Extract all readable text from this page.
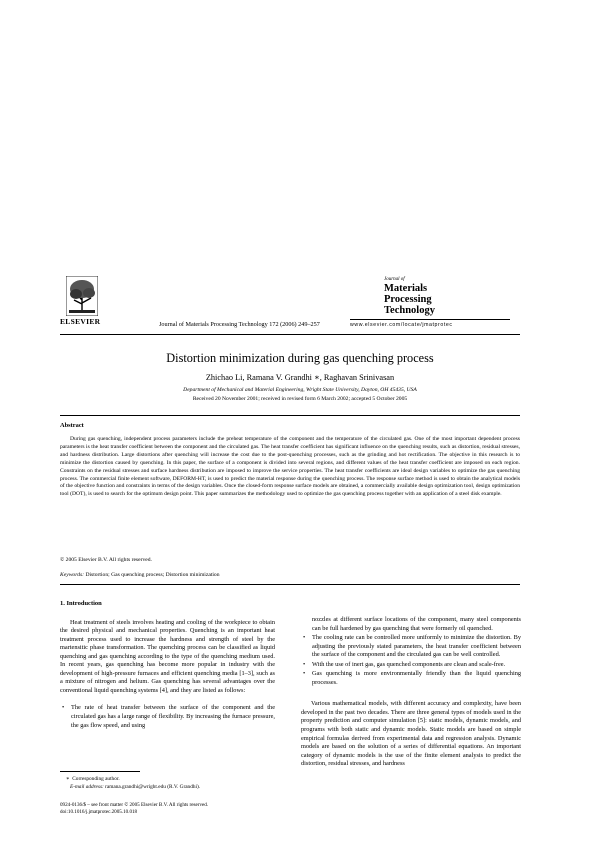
ELSEVIER	Journal of Materials Processing Technology 172 (2006) 249–257
Journal of
Materials
Processing
Technology
www.elsevier.com/locate/jmatprotec
Distortion minimization during gas quenching process
Zhichao Li, Ramana V. Grandhi ∗, Raghavan Srinivasan
Department of Mechanical and Material Engineering, Wright State University, Dayton, OH 45435, USA
Received 20 November 2001; received in revised form 6 March 2002; accepted 5 October 2005
Abstract
During gas quenching, independent process parameters include the preheat temperature of the component and the temperature of the circulated gas. One of the most important dependent process parameters is the heat transfer coefficient between the component and the circulated gas. The heat transfer coefficient has significant influence on the quenching results, such as distortion, residual stresses, and hardness distribution. Large distortions after quenching will increase the cost due to the post-quenching processes, such as the grinding and hot rectification. The objective in this research is to minimize the distortion caused by quenching. In this paper, the surface of a component is divided into several regions, and different values of the heat transfer coefficient are imposed on each region. Constraints on the residual stresses and surface hardness distribution are imposed to improve the service properties. The heat transfer coefficients are ideal design variables to optimize the gas quenching process. The commercial finite element software, DEFORM-HT, is used to predict the material response during the quenching process. The response surface method is used to obtain the analytical models of the objective function and constraints in terms of the design variables. Once the closed-form response surface models are obtained, a commercially available design optimization tool, design optimization tool (DOT), is used to search for the optimum design point. This paper summarizes the methodology used to optimize the gas quenching process together with an application of a steel disk example.
© 2005 Elsevier B.V. All rights reserved.
Keywords: Distortion; Gas quenching process; Distortion minimization
1. Introduction

Heat treatment of steels involves heating and cooling of the workpiece to obtain the desired physical and mechanical properties. Quenching is an important heat treatment process used to increase the hardness and strength of steel by the martensitic phase transformation. The quenching process can be classified as liquid quenching and gas quenching according to the type of the quenching medium used. In recent years, gas quenching has become more popular in industry with the development of high-pressure furnaces and efficient quenching media [1–3], such as a mixture of nitrogen and helium. Gas quenching has several advantages over the conventional liquid quenching systems [4], and they are listed as follows:

• The rate of heat transfer between the surface of the component and the circulated gas has a large range of flexibility. By increasing the furnace pressure, the gas flow speed, and using
nozzles at different surface locations of the component, many steel components can be full hardened by gas quenching that were formerly oil quenched.
• The cooling rate can be controlled more uniformly to minimize the distortion. By adjusting the previously stated parameters, the heat transfer coefficient between the surface of the component and the circulated gas can be well controlled.
• With the use of inert gas, gas quenched components are clean and scale-free.
• Gas quenching is more environmentally friendly than the liquid quenching processes.

Various mathematical models, with different accuracy and complexity, have been developed in the past two decades. There are three general types of models used in the property prediction and computer simulation [5]: static models, dynamic models, and programs with both static and dynamic models. Static models are based on simple empirical formulas derived from experimental data and regression analysis. Dynamic models are based on the solution of a series of differential equations. An important category of dynamic models is the use of the finite element analysis to predict the distortion, residual stresses, and hardness

∗ Corresponding author.
E-mail address: ramana.grandhi@wright.edu (R.V. Grandhi).
0924-0136/$ – see front matter © 2005 Elsevier B.V. All rights reserved.
doi:10.1016/j.jmatprotec.2005.10.018
